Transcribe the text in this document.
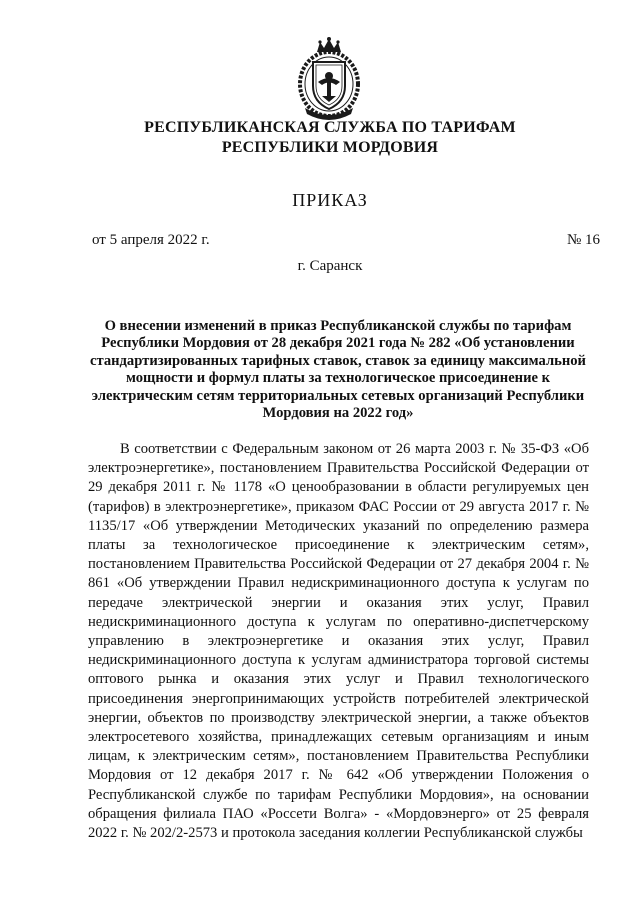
РЕСПУБЛИКАНСКАЯ СЛУЖБА ПО ТАРИФАМ
РЕСПУБЛИКИ МОРДОВИЯ
ПРИКАЗ
от 5 апреля 2022 г.	№ 16
г. Саранск
О внесении изменений в приказ Республиканской службы по тарифам Республики Мордовия от 28 декабря 2021 года № 282 «Об установлении стандартизированных тарифных ставок, ставок за единицу максимальной мощности и формул платы за технологическое присоединение к электрическим сетям территориальных сетевых организаций Республики Мордовия на 2022 год»

В соответствии с Федеральным законом от 26 марта 2003 г. № 35-ФЗ «Об электроэнергетике», постановлением Правительства Российской Федерации от 29 декабря 2011 г. № 1178 «О ценообразовании в области регулируемых цен (тарифов) в электроэнергетике», приказом ФАС России от 29 августа 2017 г. № 1135/17 «Об утверждении Методических указаний по определению размера платы за технологическое присоединение к электрическим сетям», постановлением Правительства Российской Федерации от 27 декабря 2004 г. № 861 «Об утверждении Правил недискриминационного доступа к услугам по передаче электрической энергии и оказания этих услуг, Правил недискриминационного доступа к услугам по оперативно-диспетчерскому управлению в электроэнергетике и оказания этих услуг, Правил недискриминационного доступа к услугам администратора торговой системы оптового рынка и оказания этих услуг и Правил технологического присоединения энергопринимающих устройств потребителей электрической энергии, объектов по производству электрической энергии, а также объектов электросетевого хозяйства, принадлежащих сетевым организациям и иным лицам, к электрическим сетям», постановлением Правительства Республики Мордовия от 12 декабря 2017 г. № 642 «Об утверждении Положения о Республиканской службе по тарифам Республики Мордовия», на основании обращения филиала ПАО «Россети Волга» - «Мордовэнерго» от 25 февраля 2022 г. № 202/2-2573 и протокола заседания коллегии Республиканской службы
